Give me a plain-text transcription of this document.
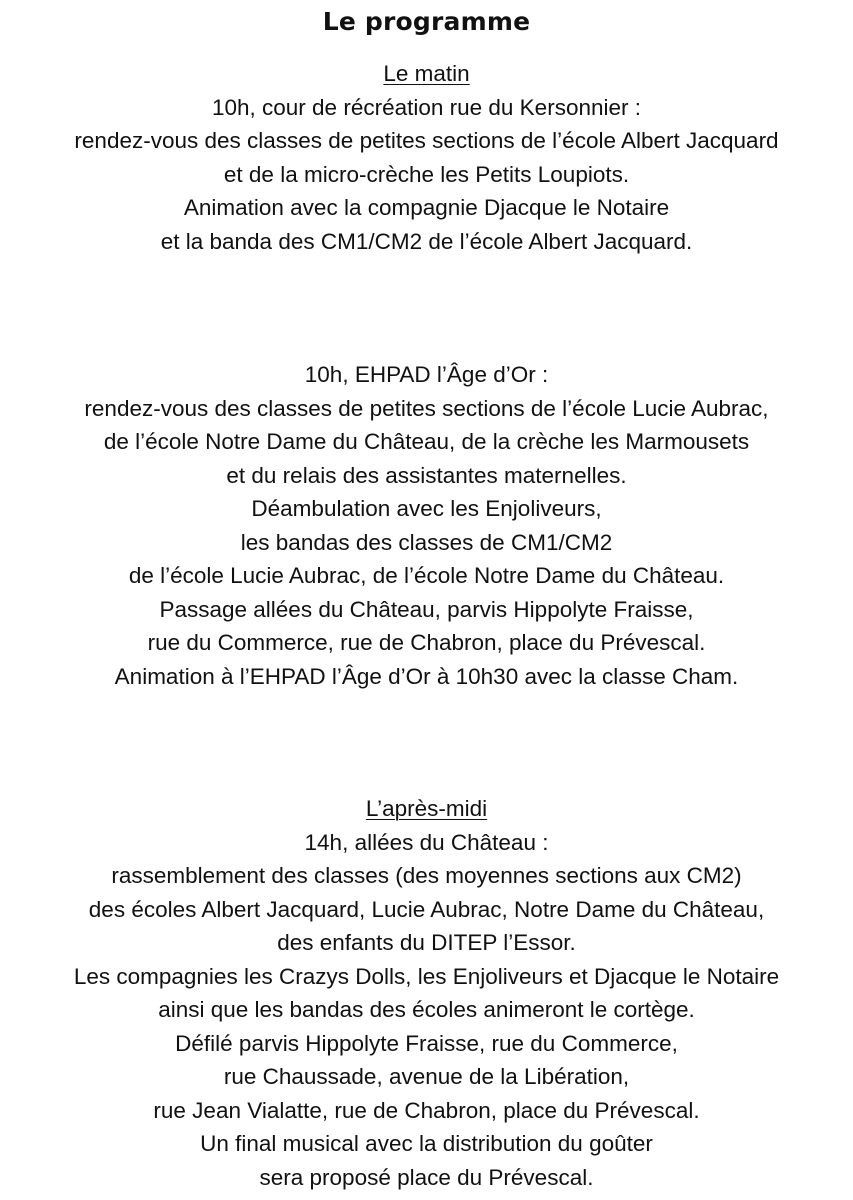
Le programme
Le matin
10h, cour de récréation rue du Kersonnier :
rendez-vous des classes de petites sections de l’école Albert Jacquard
et de la micro-crèche les Petits Loupiots.
Animation avec la compagnie Djacque le Notaire
et la banda des CM1/CM2 de l’école Albert Jacquard.
10h, EHPAD l’Âge d’Or :
rendez-vous des classes de petites sections de l’école Lucie Aubrac,
de l’école Notre Dame du Château, de la crèche les Marmousets
et du relais des assistantes maternelles.
Déambulation avec les Enjoliveurs,
les bandas des classes de CM1/CM2
de l’école Lucie Aubrac, de l’école Notre Dame du Château.
Passage allées du Château, parvis Hippolyte Fraisse,
rue du Commerce, rue de Chabron, place du Prévescal.
Animation à l’EHPAD l’Âge d’Or à 10h30 avec la classe Cham.
L’après-midi
14h, allées du Château :
rassemblement des classes (des moyennes sections aux CM2)
des écoles Albert Jacquard, Lucie Aubrac, Notre Dame du Château,
des enfants du DITEP l’Essor.
Les compagnies les Crazys Dolls, les Enjoliveurs et Djacque le Notaire
ainsi que les bandas des écoles animeront le cortège.
Défilé parvis Hippolyte Fraisse, rue du Commerce,
rue Chaussade, avenue de la Libération,
rue Jean Vialatte, rue de Chabron, place du Prévescal.
Un final musical avec la distribution du goûter
sera proposé place du Prévescal.
